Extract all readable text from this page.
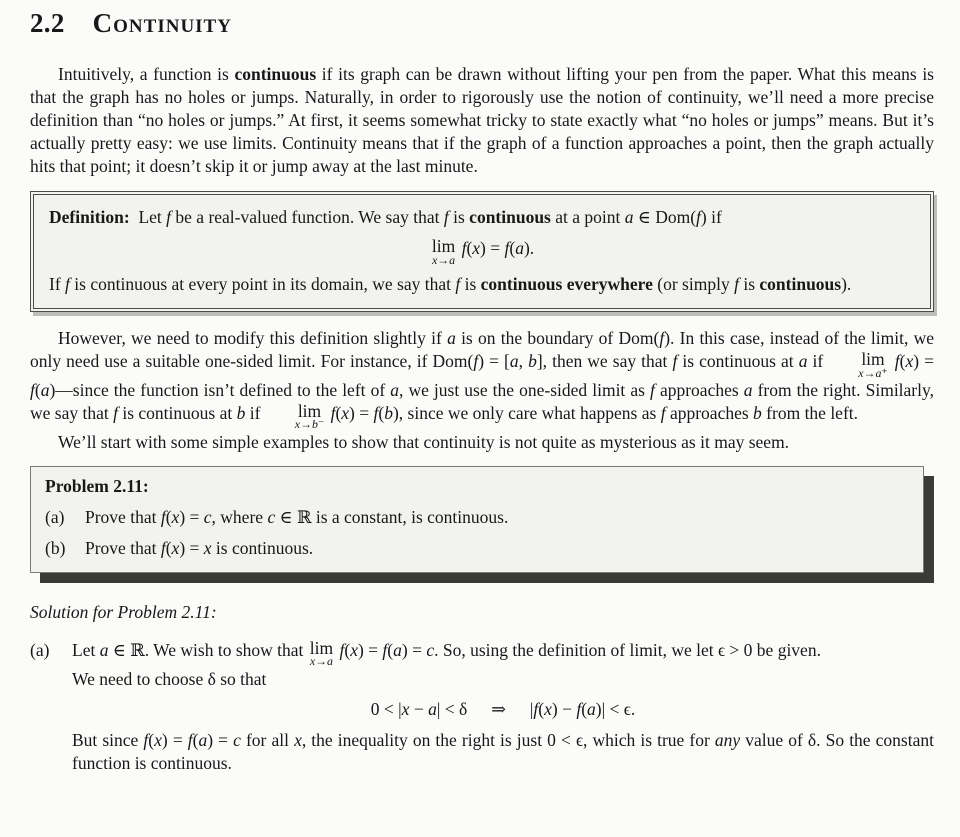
2.2 Continuity

Intuitively, a function is continuous if its graph can be drawn without lifting your pen from the paper. What this means is that the graph has no holes or jumps. Naturally, in order to rigorously use the notion of continuity, we’ll need a more precise definition than “no holes or jumps.” At first, it seems somewhat tricky to state exactly what “no holes or jumps” means. But it’s actually pretty easy: we use limits. Continuity means that if the graph of a function approaches a point, then the graph actually hits that point; it doesn’t skip it or jump away at the last minute.

Definition:  Let f be a real-valued function. We say that f is continuous at a point a ∈ Dom(f) if

lim
x→a
f(x) = f(a).

If f is continuous at every point in its domain, we say that f is continuous everywhere (or simply f is continuous).

However, we need to modify this definition slightly if a is on the boundary of Dom(f). In this case, instead of the limit, we only need use a suitable one-sided limit. For instance, if Dom(f) = [a, b], then we say that f is continuous at a if	lim
x→a⁺
f(x) = f(a)—since the function isn’t defined to the left of a, we just use the one-sided limit as f approaches a from the right. Similarly, we say that f is continuous at b if	lim
x→b⁻
f(x) = f(b), since we only care what happens as f approaches b from the left.

We’ll start with some simple examples to show that continuity is not quite as mysterious as it may seem.

Problem 2.11:
(a)	Prove that f(x) = c, where c ∈ ℝ is a constant, is continuous.
(b)	Prove that f(x) = x is continuous.
Solution for Problem 2.11:
(a)	Let a ∈ ℝ. We wish to show that lim
x→a
f(x) = f(a) = c. So, using the definition of limit, we let ϵ > 0 be given.

We need to choose δ so that

0 < |x − a| < δ ⇒ |f(x) − f(a)| < ϵ.

But since f(x) = f(a) = c for all x, the inequality on the right is just 0 < ϵ, which is true for any value of δ. So the constant function is continuous.
